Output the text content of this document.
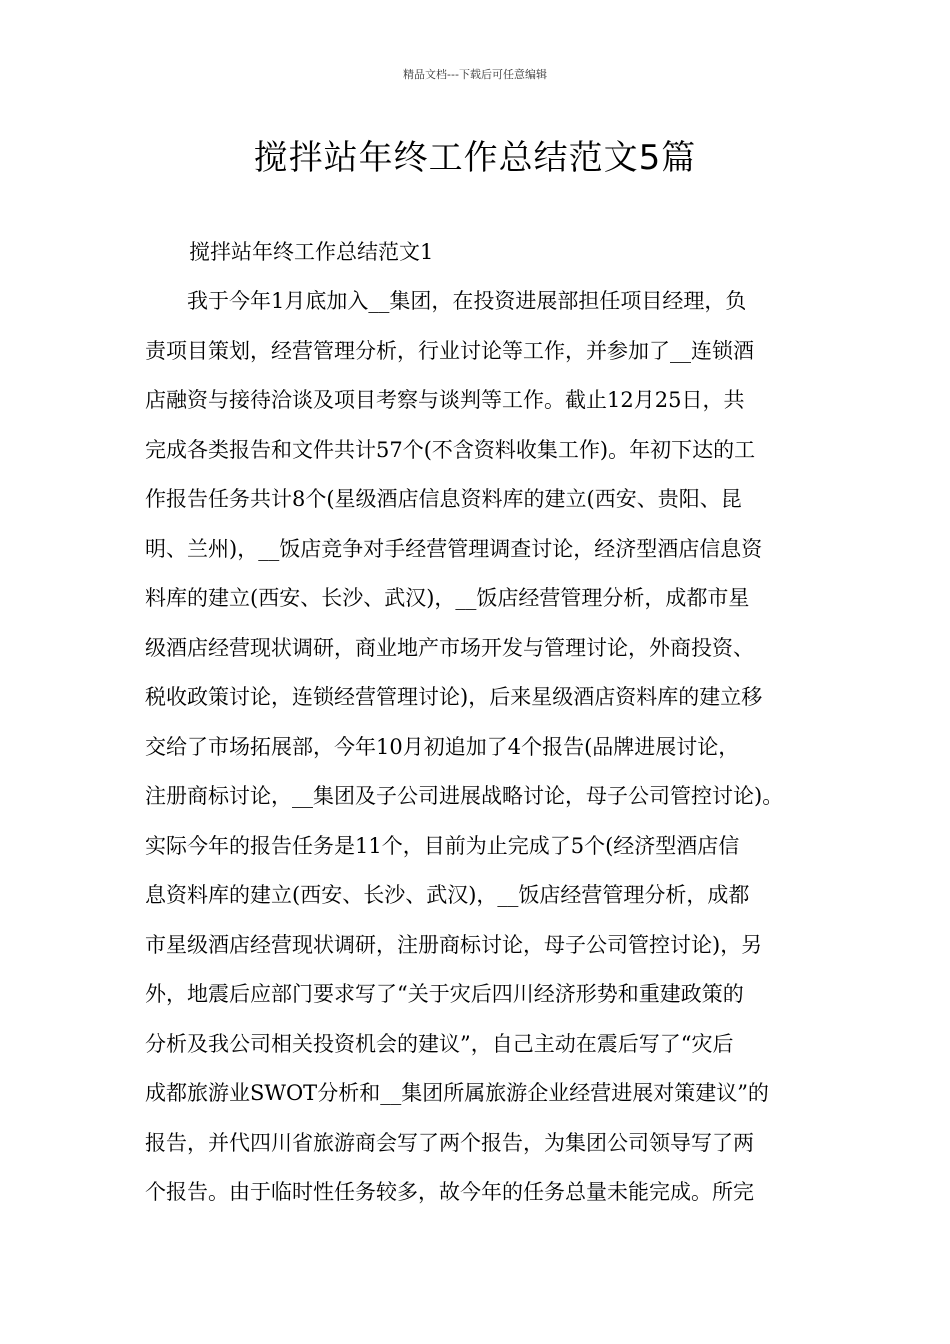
精品文档---下载后可任意编辑
搅拌站年终工作总结范文5篇
搅拌站年终工作总结范文1
　　我于今年1月底加入__集团，在投资进展部担任项目经理，负
责项目策划，经营管理分析，行业讨论等工作，并参加了__连锁酒
店融资与接待洽谈及项目考察与谈判等工作。截止12月25日，共
完成各类报告和文件共计57个(不含资料收集工作)。年初下达的工
作报告任务共计8个(星级酒店信息资料库的建立(西安、贵阳、昆
明、兰州)，__饭店竞争对手经营管理调查讨论，经济型酒店信息资
料库的建立(西安、长沙、武汉)，__饭店经营管理分析，成都市星
级酒店经营现状调研，商业地产市场开发与管理讨论，外商投资、
税收政策讨论，连锁经营管理讨论)，后来星级酒店资料库的建立移
交给了市场拓展部，今年10月初追加了4个报告(品牌进展讨论，
注册商标讨论，__集团及子公司进展战略讨论，母子公司管控讨论)。
实际今年的报告任务是11个，目前为止完成了5个(经济型酒店信
息资料库的建立(西安、长沙、武汉)，__饭店经营管理分析，成都
市星级酒店经营现状调研，注册商标讨论，母子公司管控讨论)，另
外，地震后应部门要求写了“关于灾后四川经济形势和重建政策的
分析及我公司相关投资机会的建议”，自己主动在震后写了“灾后
成都旅游业SWOT分析和__集团所属旅游企业经营进展对策建议”的
报告，并代四川省旅游商会写了两个报告，为集团公司领导写了两
个报告。由于临时性任务较多，故今年的任务总量未能完成。所完
